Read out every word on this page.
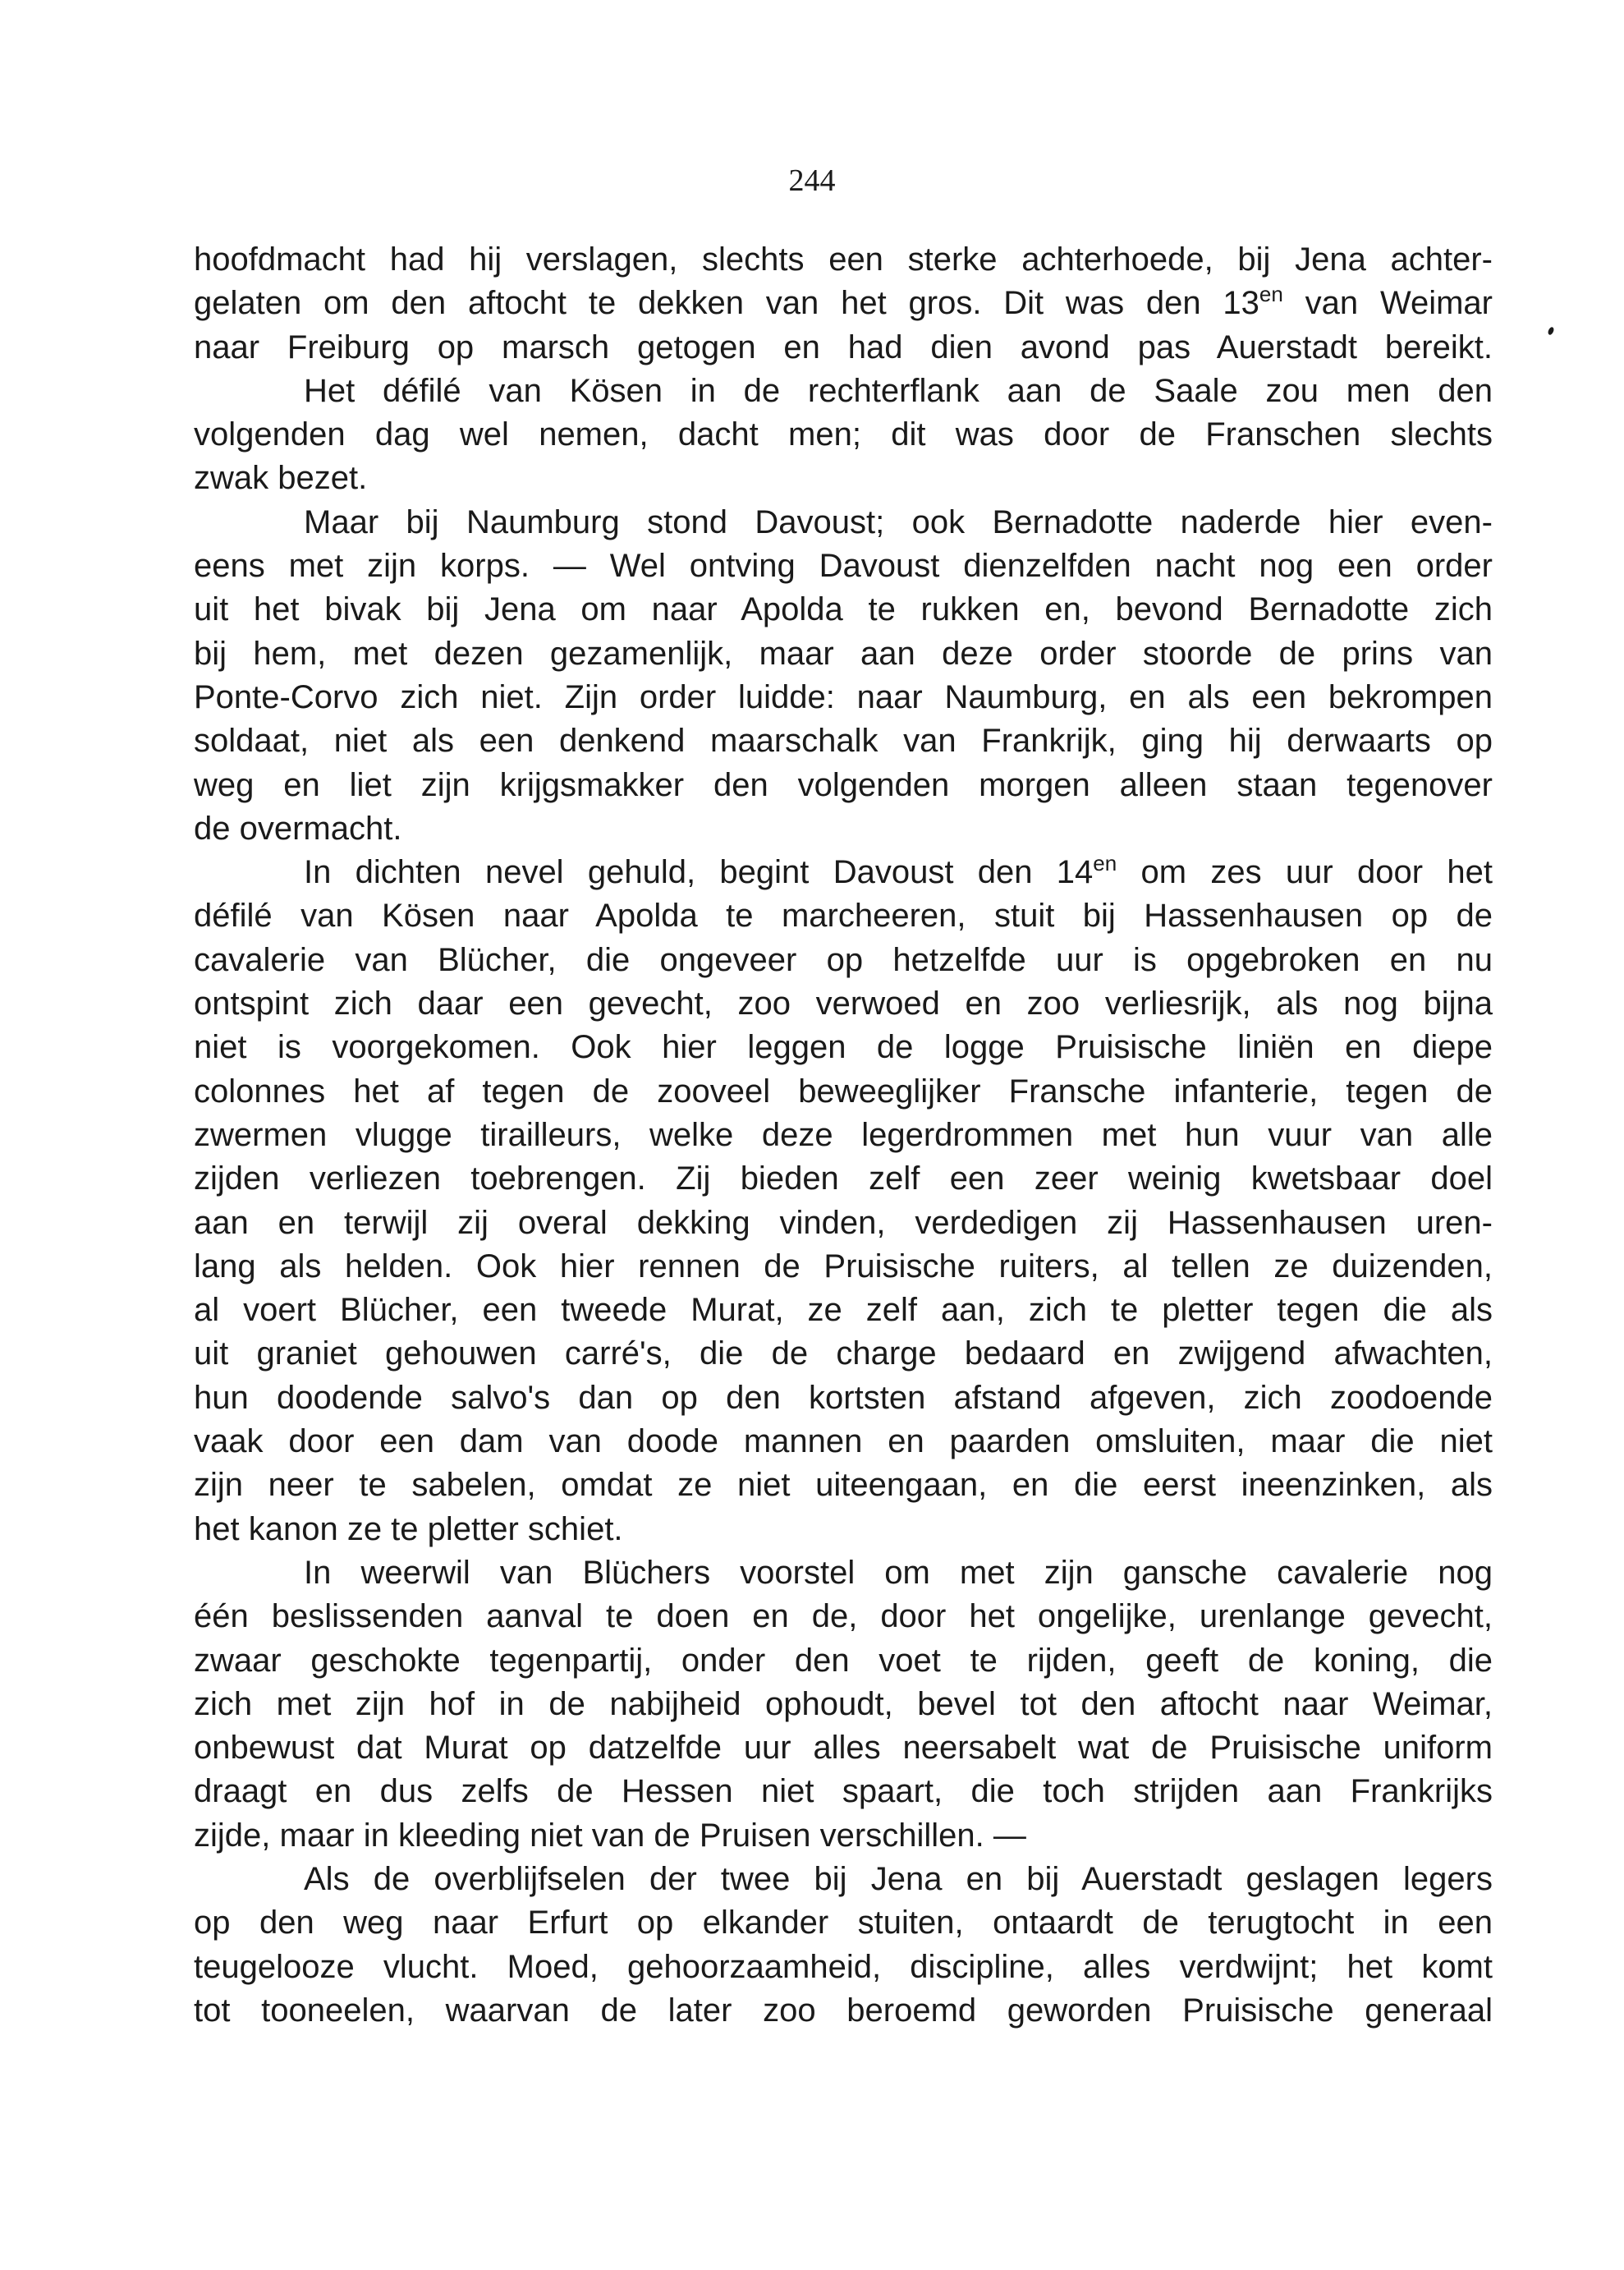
244
hoofdmacht had hij verslagen, slechts een sterke achterhoede, bij Jena achter-
gelaten om den aftocht te dekken van het gros. Dit was den $13^{en}$ van Weimar
naar Freiburg op marsch getogen en had dien avond pas Auerstadt bereikt.
Het défilé van Kösen in de rechterflank aan de Saale zou men den
volgenden dag wel nemen, dacht men; dit was door de Franschen slechts
zwak bezet.
Maar bij Naumburg stond Davoust; ook Bernadotte naderde hier even-
eens met zijn korps. — Wel ontving Davoust dienzelfden nacht nog een order
uit het bivak bij Jena om naar Apolda te rukken en, bevond Bernadotte zich
bij hem, met dezen gezamenlijk, maar aan deze order stoorde de prins van
Ponte-Corvo zich niet. Zijn order luidde: naar Naumburg, en als een bekrompen
soldaat, niet als een denkend maarschalk van Frankrijk, ging hij derwaarts op
weg en liet zijn krijgsmakker den volgenden morgen alleen staan tegenover
de overmacht.
In dichten nevel gehuld, begint Davoust den $14^{en}$ om zes uur door het
défilé van Kösen naar Apolda te marcheeren, stuit bij Hassenhausen op de
cavalerie van Blücher, die ongeveer op hetzelfde uur is opgebroken en nu
ontspint zich daar een gevecht, zoo verwoed en zoo verliesrijk, als nog bijna
niet is voorgekomen. Ook hier leggen de logge Pruisische liniën en diepe
colonnes het af tegen de zooveel beweeglijker Fransche infanterie, tegen de
zwermen vlugge tirailleurs, welke deze legerdrommen met hun vuur van alle
zijden verliezen toebrengen. Zij bieden zelf een zeer weinig kwetsbaar doel
aan en terwijl zij overal dekking vinden, verdedigen zij Hassenhausen uren-
lang als helden. Ook hier rennen de Pruisische ruiters, al tellen ze duizenden,
al voert Blücher, een tweede Murat, ze zelf aan, zich te pletter tegen die als
uit graniet gehouwen carré's, die de charge bedaard en zwijgend afwachten,
hun doodende salvo's dan op den kortsten afstand afgeven, zich zoodoende
vaak door een dam van doode mannen en paarden omsluiten, maar die niet
zijn neer te sabelen, omdat ze niet uiteengaan, en die eerst ineenzinken, als
het kanon ze te pletter schiet.
In weerwil van Blüchers voorstel om met zijn gansche cavalerie nog
één beslissenden aanval te doen en de, door het ongelijke, urenlange gevecht,
zwaar geschokte tegenpartij, onder den voet te rijden, geeft de koning, die
zich met zijn hof in de nabijheid ophoudt, bevel tot den aftocht naar Weimar,
onbewust dat Murat op datzelfde uur alles neersabelt wat de Pruisische uniform
draagt en dus zelfs de Hessen niet spaart, die toch strijden aan Frankrijks
zijde, maar in kleeding niet van de Pruisen verschillen. —
Als de overblijfselen der twee bij Jena en bij Auerstadt geslagen legers
op den weg naar Erfurt op elkander stuiten, ontaardt de terugtocht in een
teugelooze vlucht. Moed, gehoorzaamheid, discipline, alles verdwijnt; het komt
tot tooneelen, waarvan de later zoo beroemd geworden Pruisische generaal
